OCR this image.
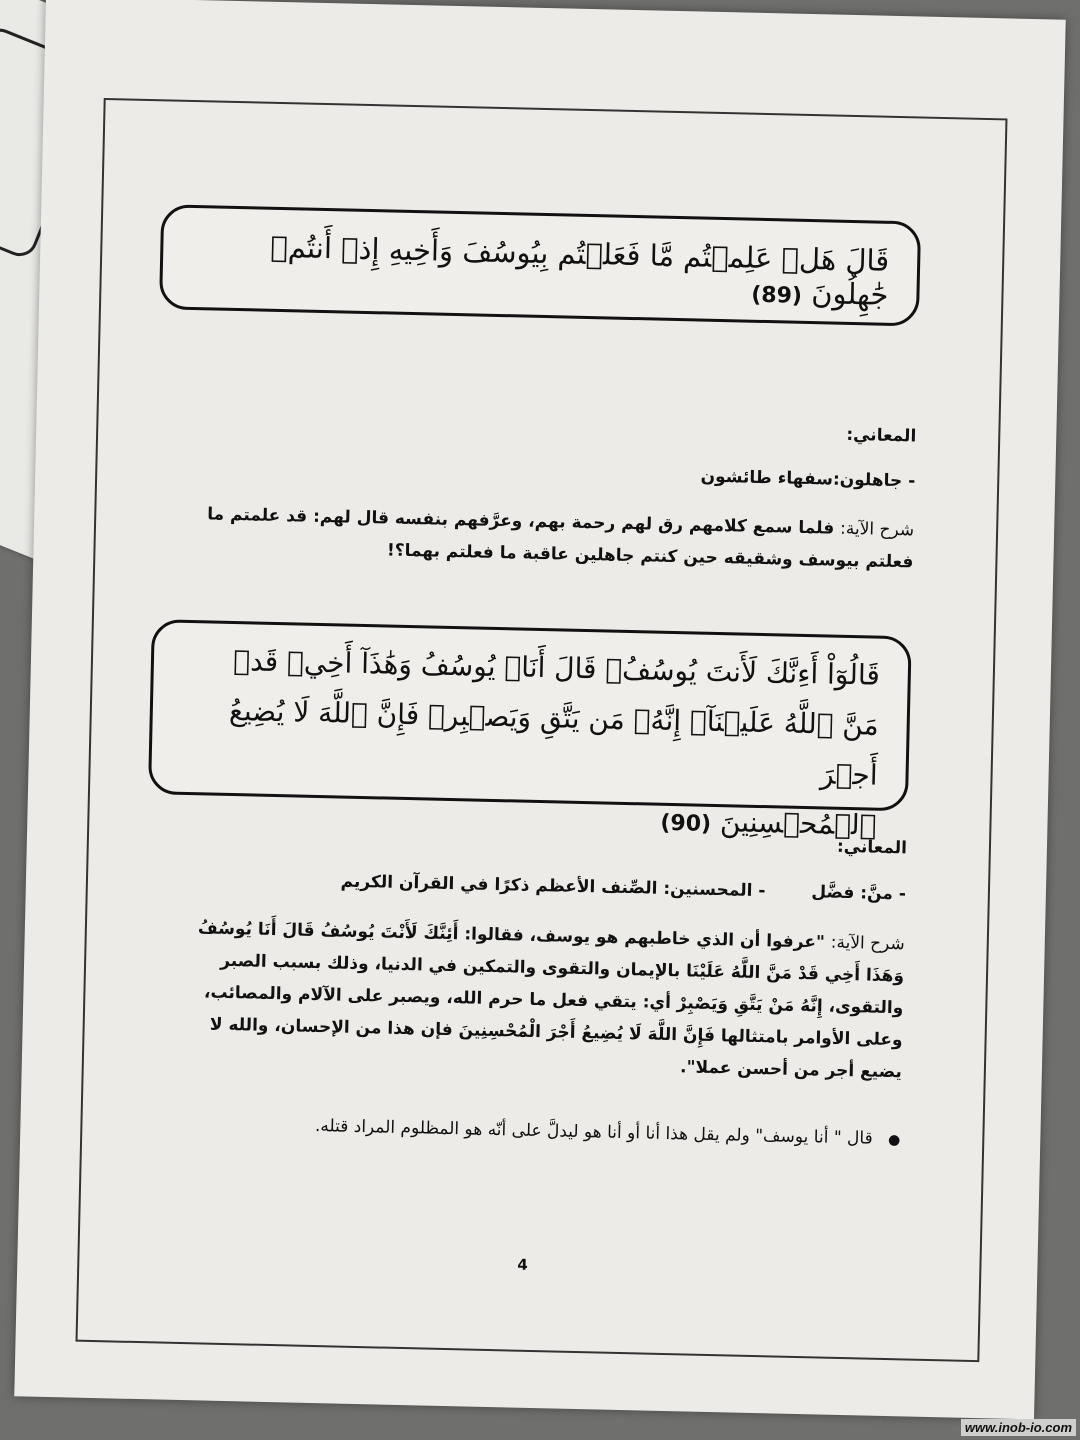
قَالَ هَلۡ عَلِمۡتُم مَّا فَعَلۡتُم بِيُوسُفَ وَأَخِيهِ إِذۡ أَنتُمۡ جَٰهِلُونَ (89)
المعاني:
- جاهلون:سفهاء طائشون
شرح الآية: فلما سمع كلامهم رق لهم رحمة بهم، وعرَّفهم بنفسه قال لهم: قد علمتم ما فعلتم بيوسف وشقيقه حين كنتم جاهلين عاقبة ما فعلتم بهما؟!
قَالُوٓاْ أَءِنَّكَ لَأَنتَ يُوسُفُۖ قَالَ أَنَا۠ يُوسُفُ وَهَٰذَآ أَخِيۖ قَدۡ
مَنَّ ٱللَّهُ عَلَيۡنَآۖ إِنَّهُۥ مَن يَتَّقِ وَيَصۡبِرۡ فَإِنَّ ٱللَّهَ لَا يُضِيعُ أَجۡرَ
ٱلۡمُحۡسِنِينَ (90)
المعاني:
- منَّ: فضَّل - المحسنين: الصِّنف الأعظم ذكرًا في القرآن الكريم
شرح الآية: "عرفوا أن الذي خاطبهم هو يوسف، فقالوا: أَئِنَّكَ لَأَنْتَ يُوسُفُ قَالَ أَنَا يُوسُفُ وَهَذَا أَخِي قَدْ مَنَّ اللَّهُ عَلَيْنَا بالإيمان والتقوى والتمكين في الدنيا، وذلك بسبب الصبر والتقوى، إِنَّهُ مَنْ يَتَّقِ وَيَصْبِرْ أي: يتقي فعل ما حرم الله، ويصبر على الآلام والمصائب، وعلى الأوامر بامتثالها فَإِنَّ اللَّهَ لَا يُضِيعُ أَجْرَ الْمُحْسِنِينَ فإن هذا من الإحسان، والله لا يضيع أجر من أحسن عملا".
● قال " أنا يوسف" ولم يقل هذا أنا أو أنا هو ليدلَّ على أنّه هو المظلوم المراد قتله.
4
www.inob-io.com
